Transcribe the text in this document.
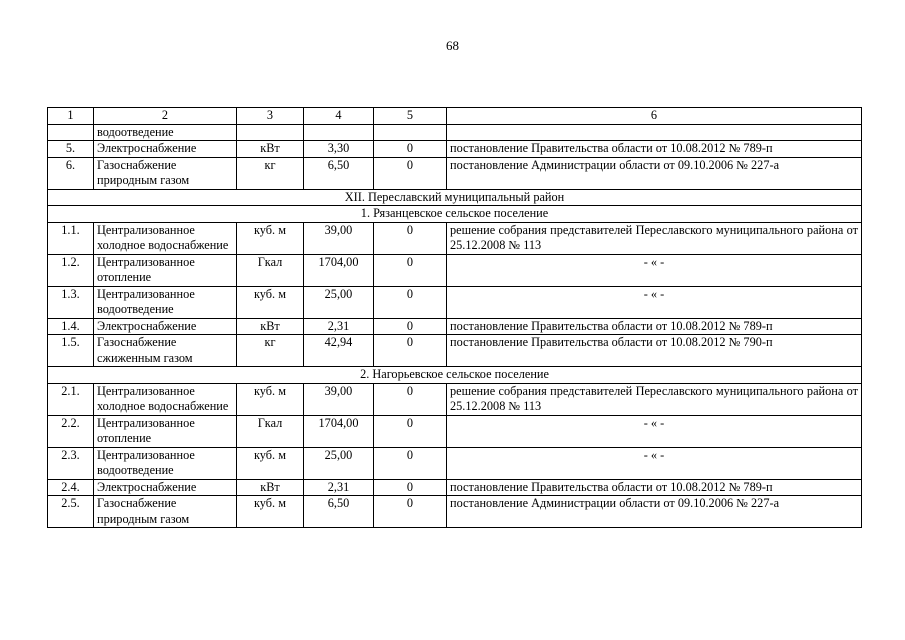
68
1	2	3	4	5	6
	водоотведение				
5.	Электроснабжение	кВт	3,30	0	постановление Правительства области от 10.08.2012 № 789-п
6.	Газоснабжение природным газом	кг	6,50	0	постановление Администрации области от 09.10.2006 № 227-а
XII. Переславский муниципальный район					
1. Рязанцевское сельское поселение					
1.1.	Централизованное холодное водоснабжение	куб. м	39,00	0	решение собрания представителей Переславского муниципального района от 25.12.2008 № 113
1.2.	Централизованное отопление	Гкал	1704,00	0	- « -
1.3.	Централизованное водоотведение	куб. м	25,00	0	- « -
1.4.	Электроснабжение	кВт	2,31	0	постановление Правительства области от 10.08.2012 № 789-п
1.5.	Газоснабжение сжиженным газом	кг	42,94	0	постановление Правительства области от 10.08.2012 № 790-п
2. Нагорьевское сельское поселение					
2.1.	Централизованное холодное водоснабжение	куб. м	39,00	0	решение собрания представителей Переславского муниципального района от 25.12.2008 № 113
2.2.	Централизованное отопление	Гкал	1704,00	0	- « -
2.3.	Централизованное водоотведение	куб. м	25,00	0	- « -
2.4.	Электроснабжение	кВт	2,31	0	постановление Правительства области от 10.08.2012 № 789-п
2.5.	Газоснабжение природным газом	куб. м	6,50	0	постановление Администрации области от 09.10.2006 № 227-а
